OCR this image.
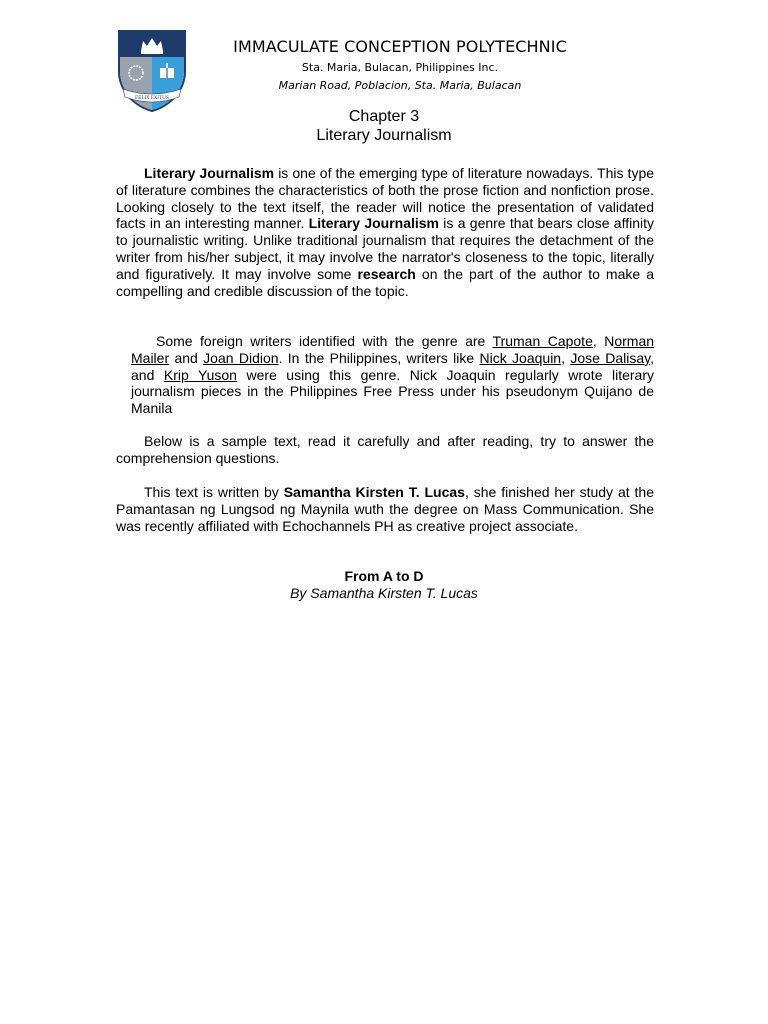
FELIX EXITUS

IMMACULATE CONCEPTION POLYTECHNIC

Sta. Maria, Bulacan, Philippines Inc.

Marian Road, Poblacion, Sta. Maria, Bulacan

Chapter 3
Literary Journalism

Literary Journalism is one of the emerging type of literature nowadays. This type of literature combines the characteristics of both the prose fiction and nonfiction prose. Looking closely to the text itself, the reader will notice the presentation of validated facts in an interesting manner. Literary Journalism is a genre that bears close affinity to journalistic writing. Unlike traditional journalism that requires the detachment of the writer from his/her subject, it may involve the narrator's closeness to the topic, literally and figuratively. It may involve some research on the part of the author to make a compelling and credible discussion of the topic.

Some foreign writers identified with the genre are Truman Capote, Norman Mailer and Joan Didion. In the Philippines, writers like Nick Joaquin, Jose Dalisay, and Krip Yuson were using this genre. Nick Joaquin regularly wrote literary journalism pieces in the Philippines Free Press under his pseudonym Quijano de Manila

Below is a sample text, read it carefully and after reading, try to answer the comprehension questions.

This text is written by Samantha Kirsten T. Lucas, she finished her study at the Pamantasan ng Lungsod ng Maynila wuth the degree on Mass Communication. She was recently affiliated with Echochannels PH as creative project associate.

From A to D
By Samantha Kirsten T. Lucas
